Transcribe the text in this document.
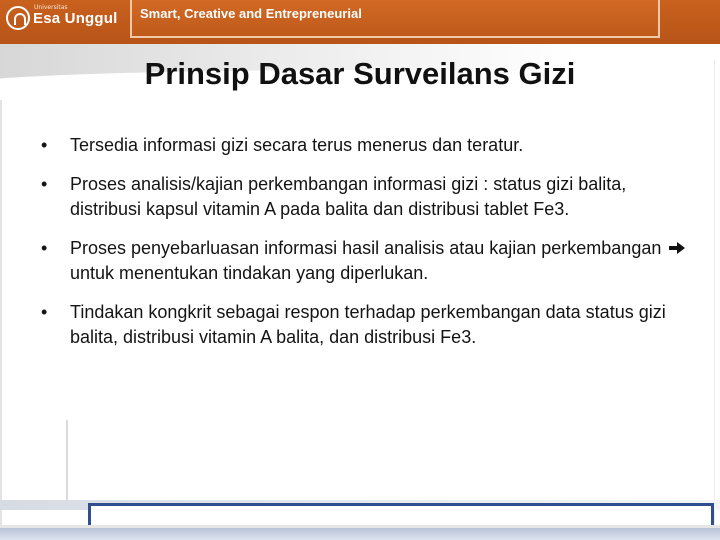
Universitas
Esa Unggul Smart, Creative and Entrepreneurial
Prinsip Dasar Surveilans Gizi
• Tersedia informasi gizi secara terus menerus dan teratur.
• Proses analisis/kajian perkembangan informasi gizi : status gizi balita, distribusi kapsul vitamin A pada balita dan distribusi tablet Fe3.
• Proses penyebarluasan informasi hasil analisis atau kajian perkembangan  untuk menentukan tindakan yang diperlukan.
• Tindakan kongkrit sebagai respon terhadap perkembangan data status gizi balita, distribusi vitamin A balita, dan distribusi Fe3.
